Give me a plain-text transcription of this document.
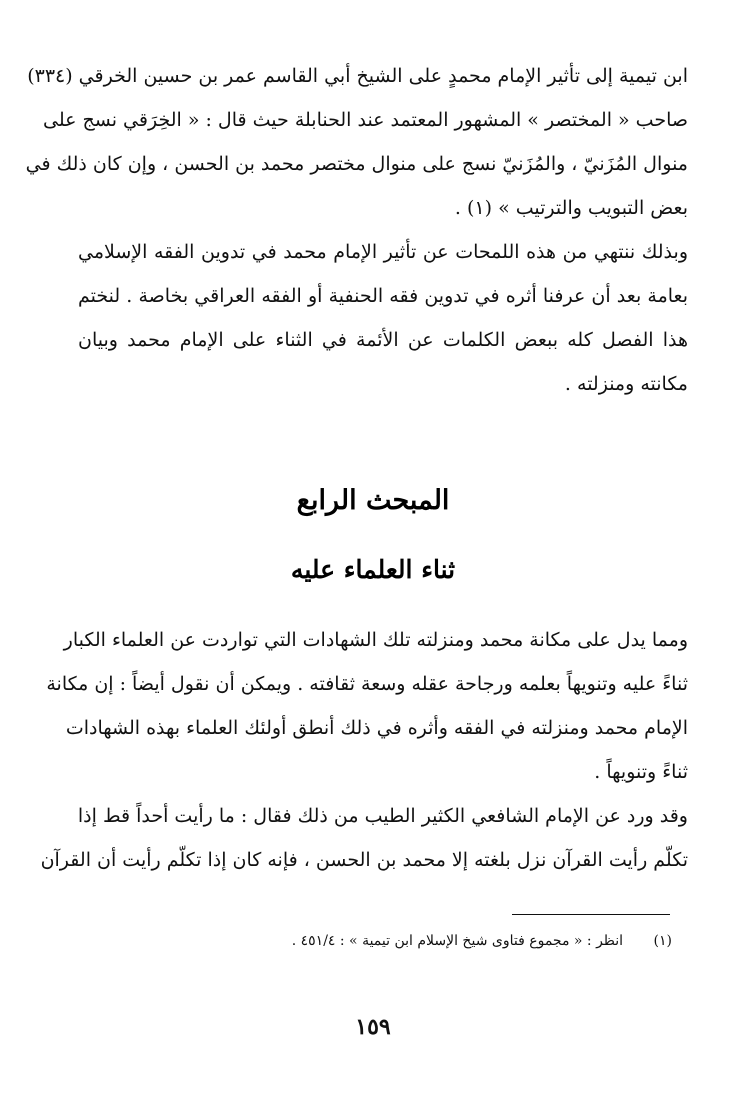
ابن تيمية إلى تأثير الإمام محمدٍ على الشيخ أبي القاسم عمر بن حسين الخرقي (٣٣٤)
صاحب « المختصر » المشهور المعتمد عند الحنابلة حيث قال : « الخِرَقي نسج على
منوال المُزَنيّ ، والمُزَنيّ نسج على منوال مختصر محمد بن الحسن ، وإن كان ذلك في
بعض التبويب والترتيب » (١) .
وبذلك ننتهي من هذه اللمحات عن تأثير الإمام محمد في تدوين الفقه الإسلامي
بعامة بعد أن عرفنا أثره في تدوين فقه الحنفية أو الفقه العراقي بخاصة . لنختم
هذا الفصل كله ببعض الكلمات عن الأئمة في الثناء على الإمام محمد وبيان
مكانته ومنزلته .
المبحث الرابع
ثناء العلماء عليه
ومما يدل على مكانة محمد ومنزلته تلك الشهادات التي تواردت عن العلماء الكبار
ثناءً عليه وتنويهاً بعلمه ورجاحة عقله وسعة ثقافته . ويمكن أن نقول أيضاً : إن مكانة
الإمام محمد ومنزلته في الفقه وأثره في ذلك أنطق أولئك العلماء بهذه الشهادات
ثناءً وتنويهاً .
وقد ورد عن الإمام الشافعي الكثير الطيب من ذلك فقال : ما رأيت أحداً قط إذا
تكلّم رأيت القرآن نزل بلغته إلا محمد بن الحسن ، فإنه كان إذا تكلّم رأيت أن القرآن
(١) انظر : « مجموع فتاوى شيخ الإسلام ابن تيمية » : ٤٥١/٤ .
١٥٩
